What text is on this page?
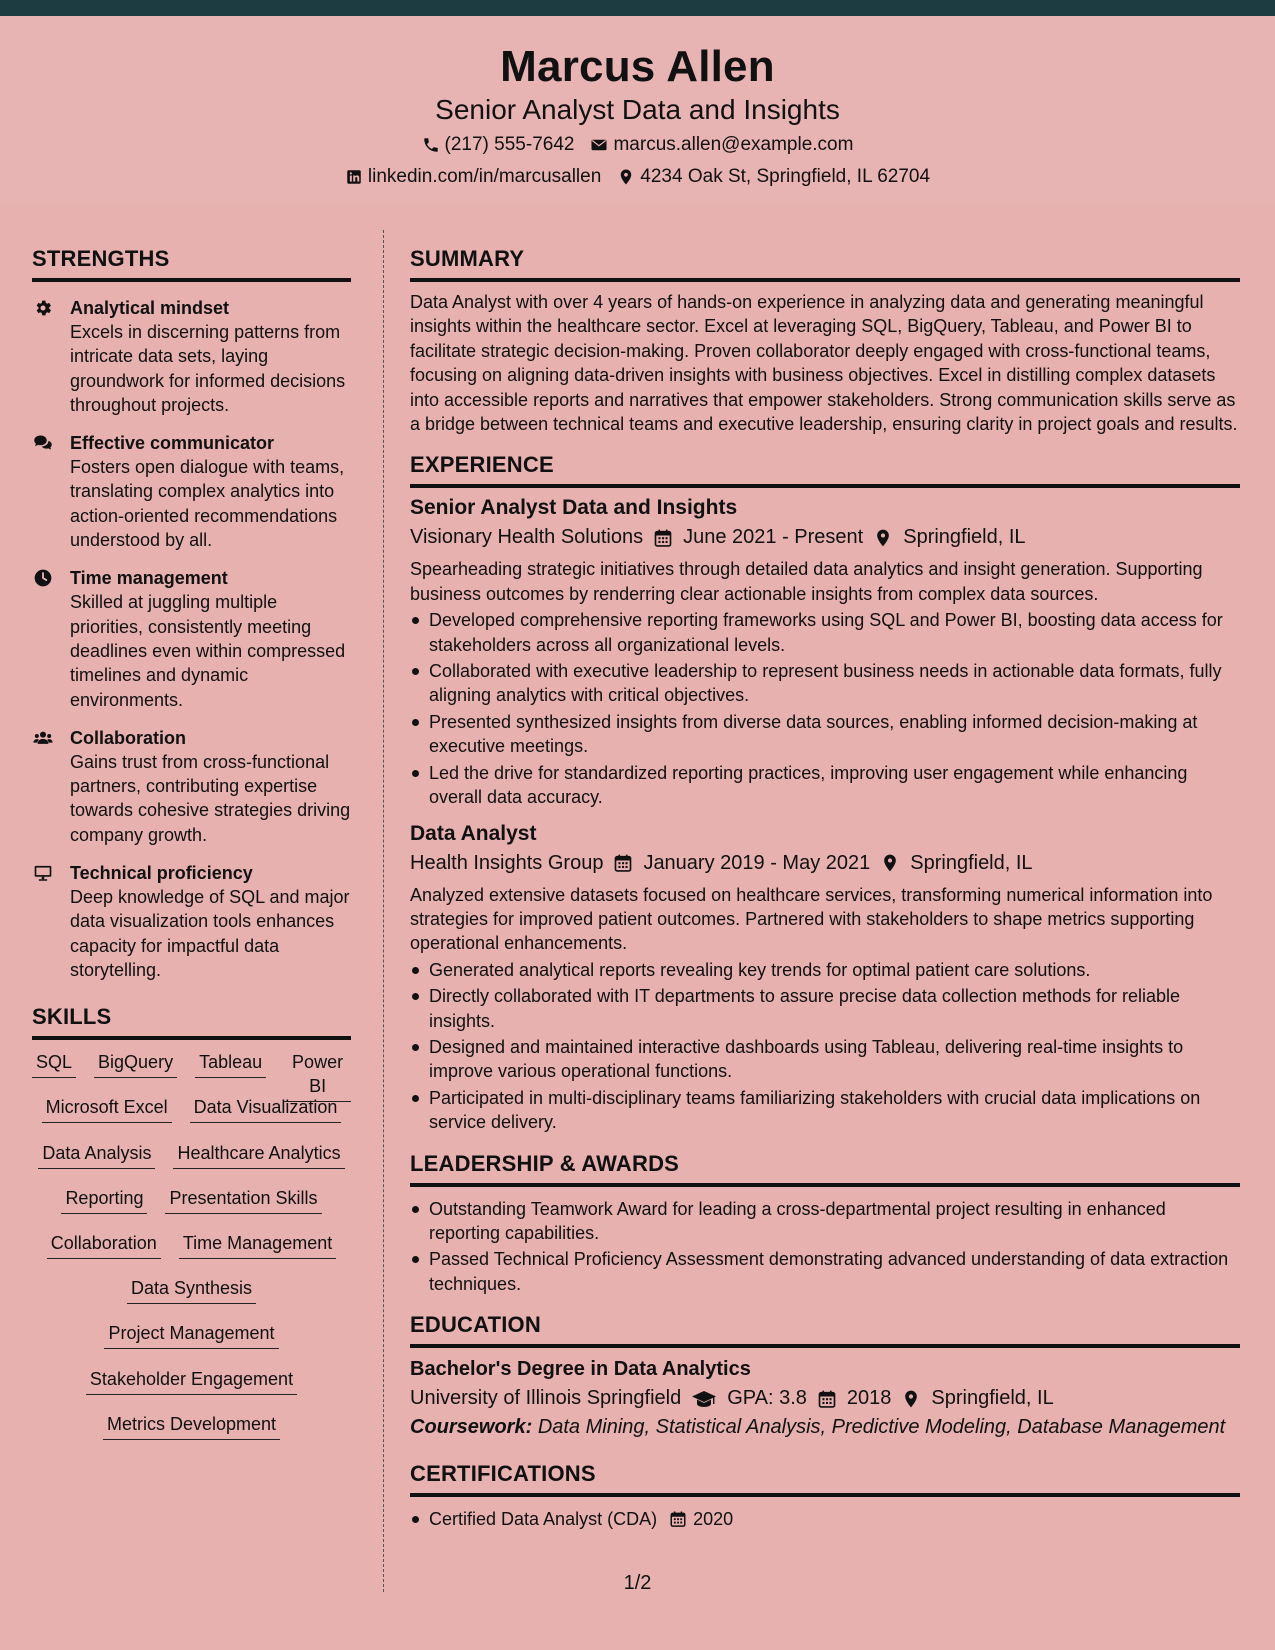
Marcus Allen
Senior Analyst Data and Insights
(217) 555-7642 marcus.allen@example.com
linkedin.com/in/marcusallen 4234 Oak St, Springfield, IL 62704
STRENGTHS
Analytical mindset
Excels in discerning patterns from intricate data sets, laying groundwork for informed decisions throughout projects.
Effective communicator
Fosters open dialogue with teams, translating complex analytics into action-oriented recommendations understood by all.
Time management
Skilled at juggling multiple priorities, consistently meeting deadlines even within compressed timelines and dynamic environments.
Collaboration
Gains trust from cross-functional partners, contributing expertise towards cohesive strategies driving company growth.
Technical proficiency
Deep knowledge of SQL and major data visualization tools enhances capacity for impactful data storytelling.
SKILLS
SQL BigQuery Tableau	Power BI
Microsoft Excel Data Visualization
Data Analysis Healthcare Analytics
Reporting Presentation Skills
Collaboration Time Management
Data Synthesis
Project Management
Stakeholder Engagement
Metrics Development
SUMMARY
Data Analyst with over 4 years of hands-on experience in analyzing data and generating meaningful insights within the healthcare sector. Excel at leveraging SQL, BigQuery, Tableau, and Power BI to facilitate strategic decision-making. Proven collaborator deeply engaged with cross-functional teams, focusing on aligning data-driven insights with business objectives. Excel in distilling complex datasets into accessible reports and narratives that empower stakeholders. Strong communication skills serve as a bridge between technical teams and executive leadership, ensuring clarity in project goals and results.
EXPERIENCE
Senior Analyst Data and Insights
Visionary Health Solutions June 2021 - Present Springfield, IL
Spearheading strategic initiatives through detailed data analytics and insight generation. Supporting business outcomes by renderring clear actionable insights from complex data sources.
Developed comprehensive reporting frameworks using SQL and Power BI, boosting data access for stakeholders across all organizational levels.
Collaborated with executive leadership to represent business needs in actionable data formats, fully aligning analytics with critical objectives.
Presented synthesized insights from diverse data sources, enabling informed decision-making at executive meetings.
Led the drive for standardized reporting practices, improving user engagement while enhancing overall data accuracy.
Data Analyst
Health Insights Group January 2019 - May 2021 Springfield, IL
Analyzed extensive datasets focused on healthcare services, transforming numerical information into strategies for improved patient outcomes. Partnered with stakeholders to shape metrics supporting operational enhancements.
Generated analytical reports revealing key trends for optimal patient care solutions.
Directly collaborated with IT departments to assure precise data collection methods for reliable insights.
Designed and maintained interactive dashboards using Tableau, delivering real-time insights to improve various operational functions.
Participated in multi-disciplinary teams familiarizing stakeholders with crucial data implications on service delivery.
LEADERSHIP & AWARDS
Outstanding Teamwork Award for leading a cross-departmental project resulting in enhanced reporting capabilities.
Passed Technical Proficiency Assessment demonstrating advanced understanding of data extraction techniques.
EDUCATION
Bachelor's Degree in Data Analytics
University of Illinois Springfield GPA: 3.8 2018 Springfield, IL
Coursework: Data Mining, Statistical Analysis, Predictive Modeling, Database Management
CERTIFICATIONS
Certified Data Analyst (CDA) 2020
1/2
